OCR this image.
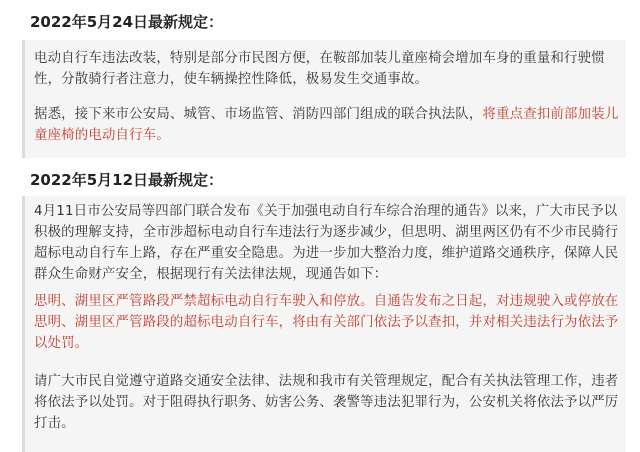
2022年5月24日最新规定：

电动自行车违法改装，特别是部分市民图方便，在鞍部加装儿童座椅会增加车身的重量和行驶惯性，分散骑行者注意力，使车辆操控性降低，极易发生交通事故。

据悉，接下来市公安局、城管、市场监管、消防四部门组成的联合执法队，将重点查扣前部加装儿童座椅的电动自行车。

2022年5月12日最新规定：

4月11日市公安局等四部门联合发布《关于加强电动自行车综合治理的通告》以来，广大市民予以积极的理解支持，全市涉超标电动自行车违法行为逐步减少，但思明、湖里两区仍有不少市民骑行超标电动自行车上路，存在严重安全隐患。为进一步加大整治力度，维护道路交通秩序，保障人民群众生命财产安全，根据现行有关法律法规，现通告如下：

思明、湖里区严管路段严禁超标电动自行车驶入和停放。自通告发布之日起，对违规驶入或停放在思明、湖里区严管路段的超标电动自行车，将由有关部门依法予以查扣，并对相关违法行为依法予以处罚。

请广大市民自觉遵守道路交通安全法律、法规和我市有关管理规定，配合有关执法管理工作，违者将依法予以处罚。对于阻碍执行职务、妨害公务、袭警等违法犯罪行为，公安机关将依法予以严厉打击。
